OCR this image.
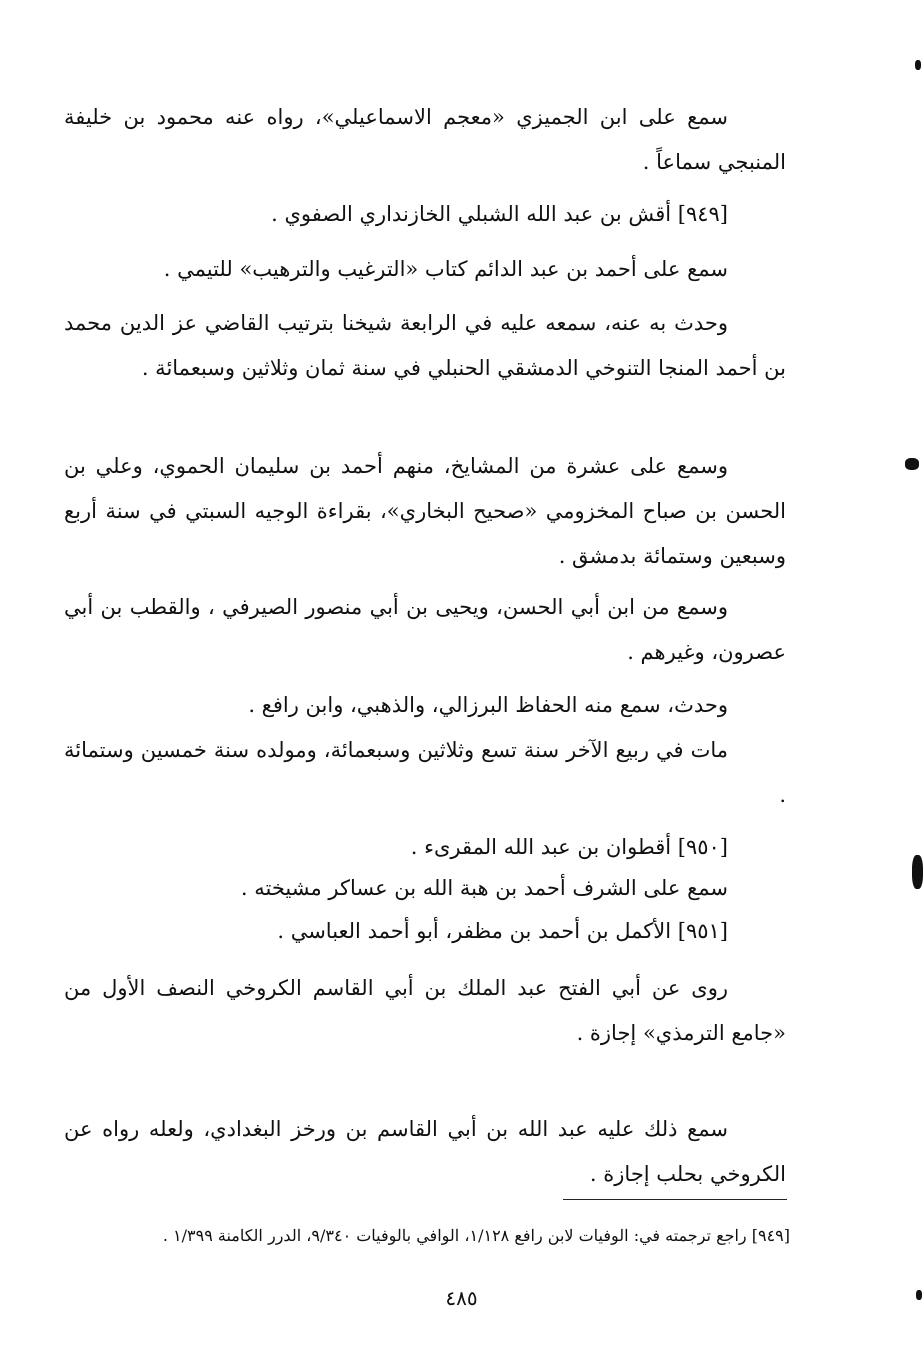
سمع على ابن الجميزي «معجم الاسماعيلي»، رواه عنه محمود بن خليفة المنبجي سماعاً .
[٩٤٩] أقش بن عبد الله الشبلي الخازنداري الصفوي .
سمع على أحمد بن عبد الدائم كتاب «الترغيب والترهيب» للتيمي .
وحدث به عنه، سمعه عليه في الرابعة شيخنا بترتيب القاضي عز الدين محمد بن أحمد المنجا التنوخي الدمشقي الحنبلي في سنة ثمان وثلاثين وسبعمائة .
وسمع على عشرة من المشايخ، منهم أحمد بن سليمان الحموي، وعلي بن الحسن بن صباح المخزومي «صحيح البخاري»، بقراءة الوجيه السبتي في سنة أربع وسبعين وستمائة بدمشق .
وسمع من ابن أبي الحسن، ويحيى بن أبي منصور الصيرفي ، والقطب بن أبي عصرون، وغيرهم .
وحدث، سمع منه الحفاظ البرزالي، والذهبي، وابن رافع .
مات في ربيع الآخر سنة تسع وثلاثين وسبعمائة، ومولده سنة خمسين وستمائة .
[٩٥٠] أقطوان بن عبد الله المقرىء .
سمع على الشرف أحمد بن هبة الله بن عساكر مشيخته .
[٩٥١] الأكمل بن أحمد بن مظفر، أبو أحمد العباسي .
روى عن أبي الفتح عبد الملك بن أبي القاسم الكروخي النصف الأول من «جامع الترمذي» إجازة .
سمع ذلك عليه عبد الله بن أبي القاسم بن ورخز البغدادي، ولعله رواه عن الكروخي بحلب إجازة .
[٩٤٩] راجع ترجمته في: الوفيات لابن رافع ١/١٢٨، الوافي بالوفيات ٩/٣٤٠، الدرر الكامنة ١/٣٩٩ .
٤٨٥
